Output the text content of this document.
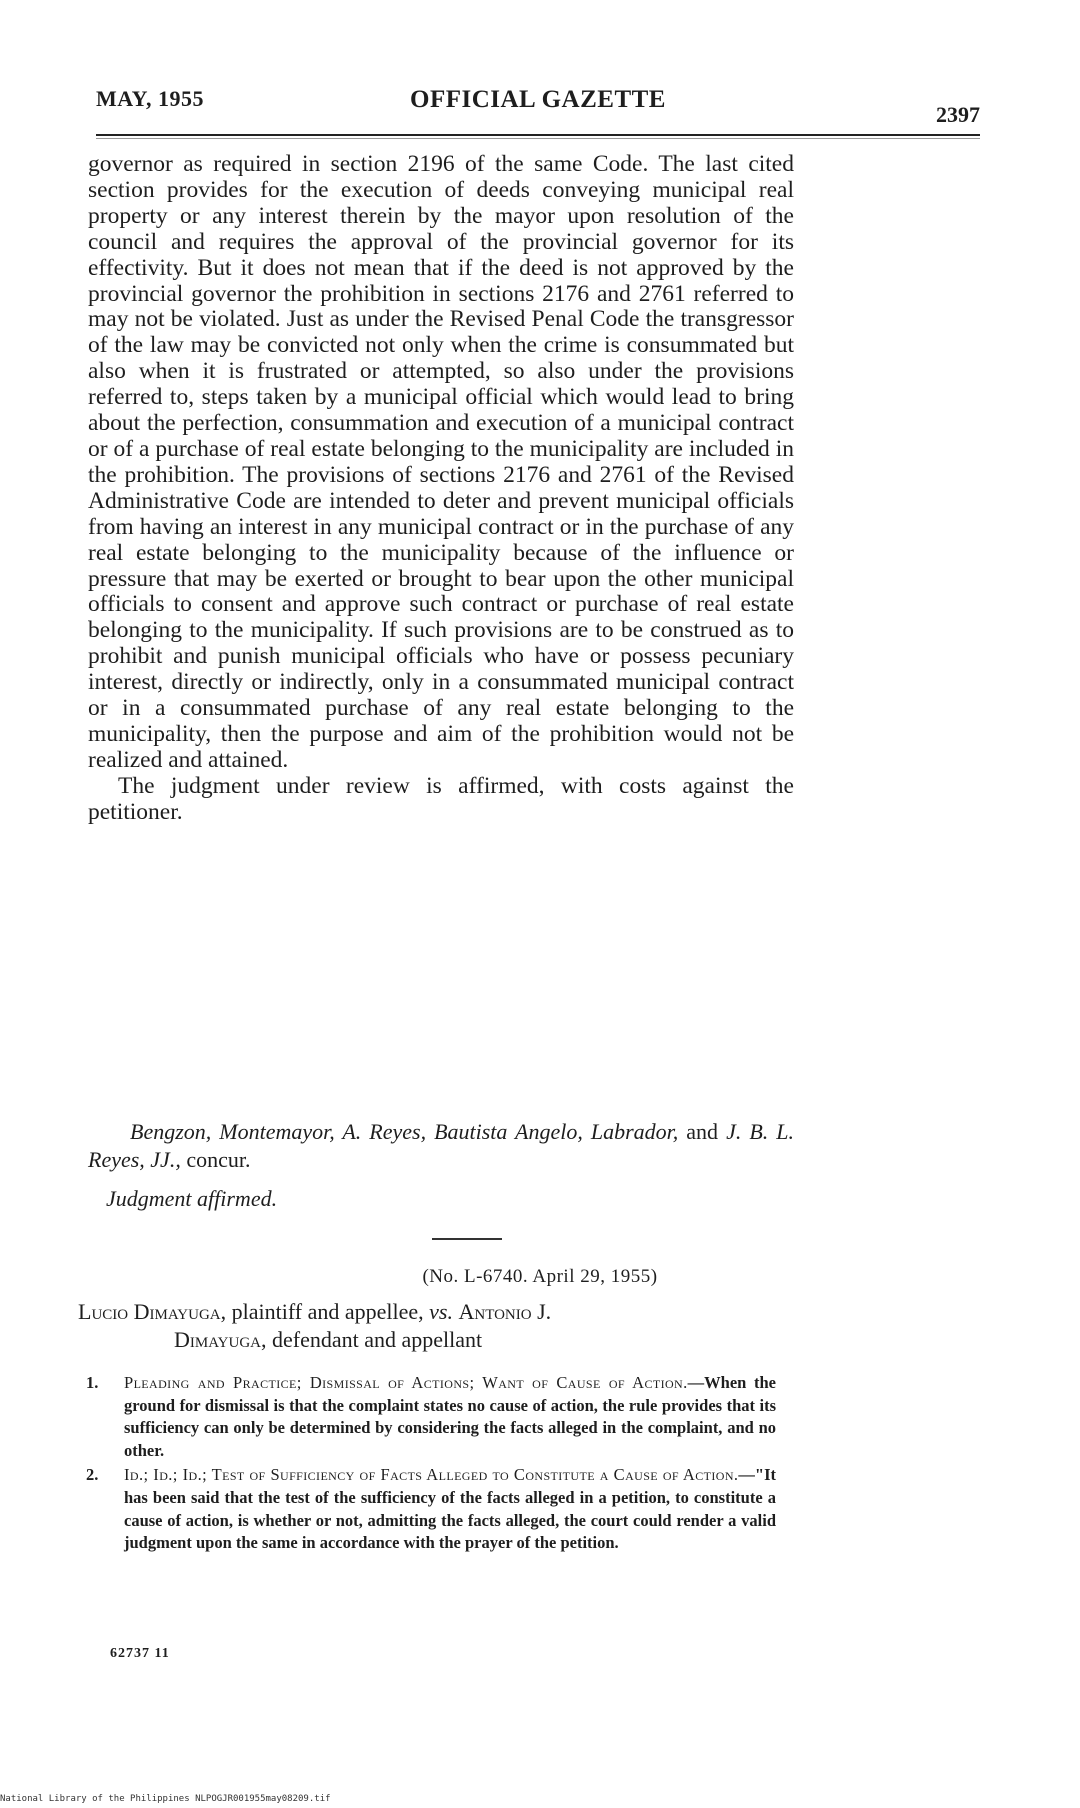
MAY, 1955	OFFICIAL GAZETTE
2397

governor as required in section 2196 of the same Code. The last cited section provides for the execution of deeds conveying municipal real property or any interest therein by the mayor upon resolution of the council and requires the approval of the provincial governor for its effectivity. But it does not mean that if the deed is not approved by the provincial governor the prohibition in sections 2176 and 2761 referred to may not be violated. Just as under the Revised Penal Code the transgressor of the law may be convicted not only when the crime is consummated but also when it is frustrated or attempted, so also under the provisions referred to, steps taken by a municipal official which would lead to bring about the perfection, consummation and execution of a municipal contract or of a purchase of real estate belonging to the municipality are included in the prohibition. The provisions of sections 2176 and 2761 of the Revised Administrative Code are intended to deter and prevent municipal officials from having an interest in any municipal contract or in the purchase of any real estate belonging to the municipality because of the influence or pressure that may be exerted or brought to bear upon the other municipal officials to consent and approve such contract or purchase of real estate belonging to the municipality. If such provisions are to be construed as to prohibit and punish municipal officials who have or possess pecuniary interest, directly or indirectly, only in a consummated municipal contract or in a consummated purchase of any real estate belonging to the municipality, then the purpose and aim of the prohibition would not be realized and attained.

The judgment under review is affirmed, with costs against the petitioner.

Bengzon, Montemayor, A. Reyes, Bautista Angelo, Labrador, and J. B. L. Reyes, JJ., concur.
Judgment affirmed.
(No. L-6740. April 29, 1955)
Lucio Dimayuga, plaintiff and appellee, vs. Antonio J.
Dimayuga, defendant and appellant
1. Pleading and Practice; Dismissal of Actions; Want of Cause of Action.—When the ground for dismissal is that the complaint states no cause of action, the rule provides that its sufficiency can only be determined by considering the facts alleged in the complaint, and no other.
2. Id.; Id.; Id.; Test of Sufficiency of Facts Alleged to Constitute a Cause of Action.—"It has been said that the test of the sufficiency of the facts alleged in a petition, to constitute a cause of action, is whether or not, admitting the facts alleged, the court could render a valid judgment upon the same in accordance with the prayer of the petition.
62737 11
National Library of the Philippines NLPOGJR001955may08209.tif
